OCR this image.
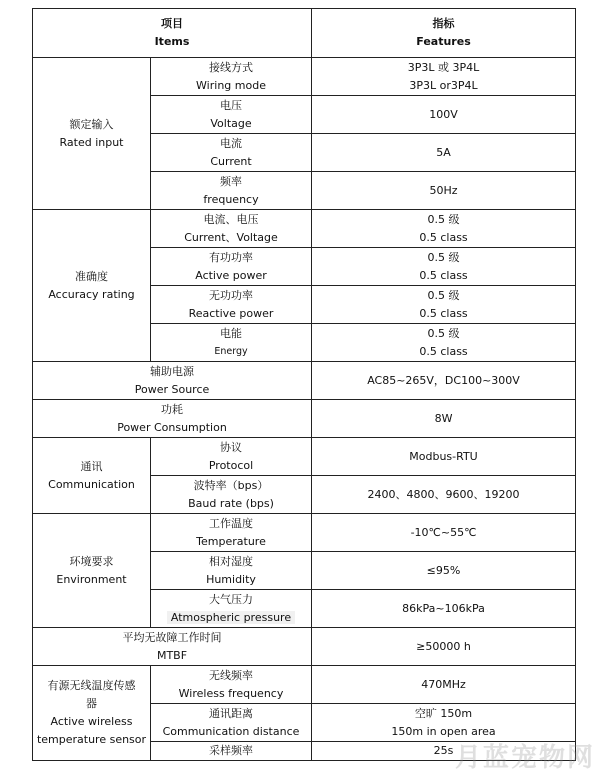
项目
Items		指标
Features

额定输入
Rated input	接线方式
Wiring mode	3P3L 或 3P4L
3P3L or3P4L

	电压
Voltage	100V

	电流
Current	5A

	频率
frequency	50Hz

准确度
Accuracy rating	电流、电压
Current、Voltage	0.5 级
0.5 class

	有功功率
Active power	0.5 级
0.5 class

	无功功率
Reactive power	0.5 级
0.5 class

	电能
Energy	0.5 级
0.5 class

辅助电源
Power Source		AC85~265V，DC100~300V

功耗
Power Consumption		8W

通讯
Communication	协议
Protocol	Modbus-RTU

	波特率（bps）
Baud rate (bps)	2400、4800、9600、19200

环境要求
Environment	工作温度
Temperature	-10℃~55℃

	相对湿度
Humidity	≤95%

	大气压力
Atmospheric pressure	86kPa~106kPa

平均无故障工作时间
MTBF		≥50000 h

有源无线温度传感
器
Active wireless
temperature sensor	无线频率
Wireless frequency	470MHz

	通讯距离
Communication distance	空旷 150m
150m in open area

	采样频率	25s 月蓝宠物网
